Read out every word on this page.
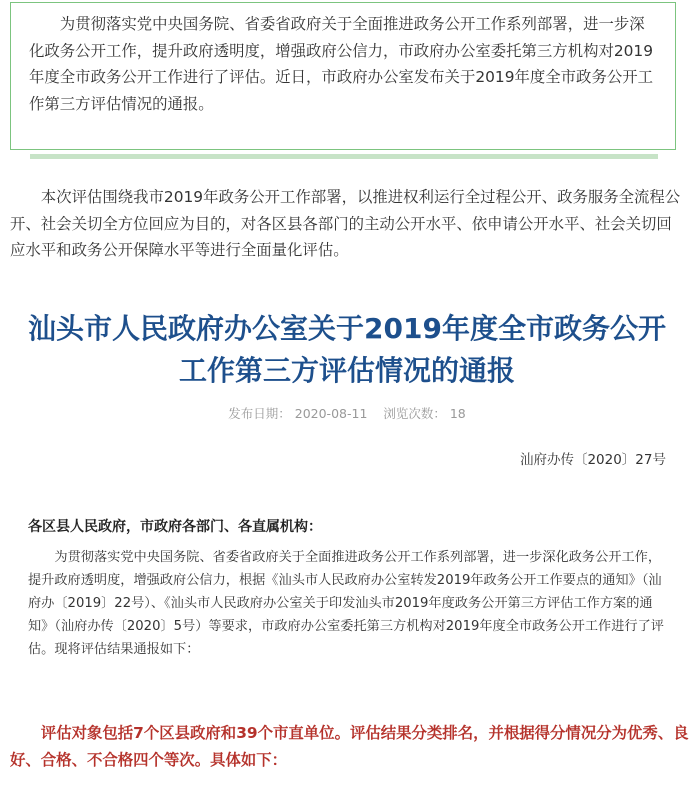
为贯彻落实党中央国务院、省委省政府关于全面推进政务公开工作系列部署，进一步深化政务公开工作，提升政府透明度，增强政府公信力，市政府办公室委托第三方机构对2019年度全市政务公开工作进行了评估。近日，市政府办公室发布关于2019年度全市政务公开工作第三方评估情况的通报。

本次评估围绕我市2019年政务公开工作部署，以推进权利运行全过程公开、政务服务全流程公开、社会关切全方位回应为目的，对各区县各部门的主动公开水平、依申请公开水平、社会关切回应水平和政务公开保障水平等进行全面量化评估。

汕头市人民政府办公室关于2019年度全市政务公开工作第三方评估情况的通报
发布日期： 2020-08-11 浏览次数： 18
汕府办传〔2020〕27号
各区县人民政府，市政府各部门、各直属机构：

为贯彻落实党中央国务院、省委省政府关于全面推进政务公开工作系列部署，进一步深化政务公开工作，提升政府透明度，增强政府公信力，根据《汕头市人民政府办公室转发2019年政务公开工作要点的通知》（汕府办〔2019〕22号）、《汕头市人民政府办公室关于印发汕头市2019年度政务公开第三方评估工作方案的通知》（汕府办传〔2020〕5号）等要求，市政府办公室委托第三方机构对2019年度全市政务公开工作进行了评估。现将评估结果通报如下：

评估对象包括7个区县政府和39个市直单位。评估结果分类排名，并根据得分情况分为优秀、良好、合格、不合格四个等次。具体如下：
